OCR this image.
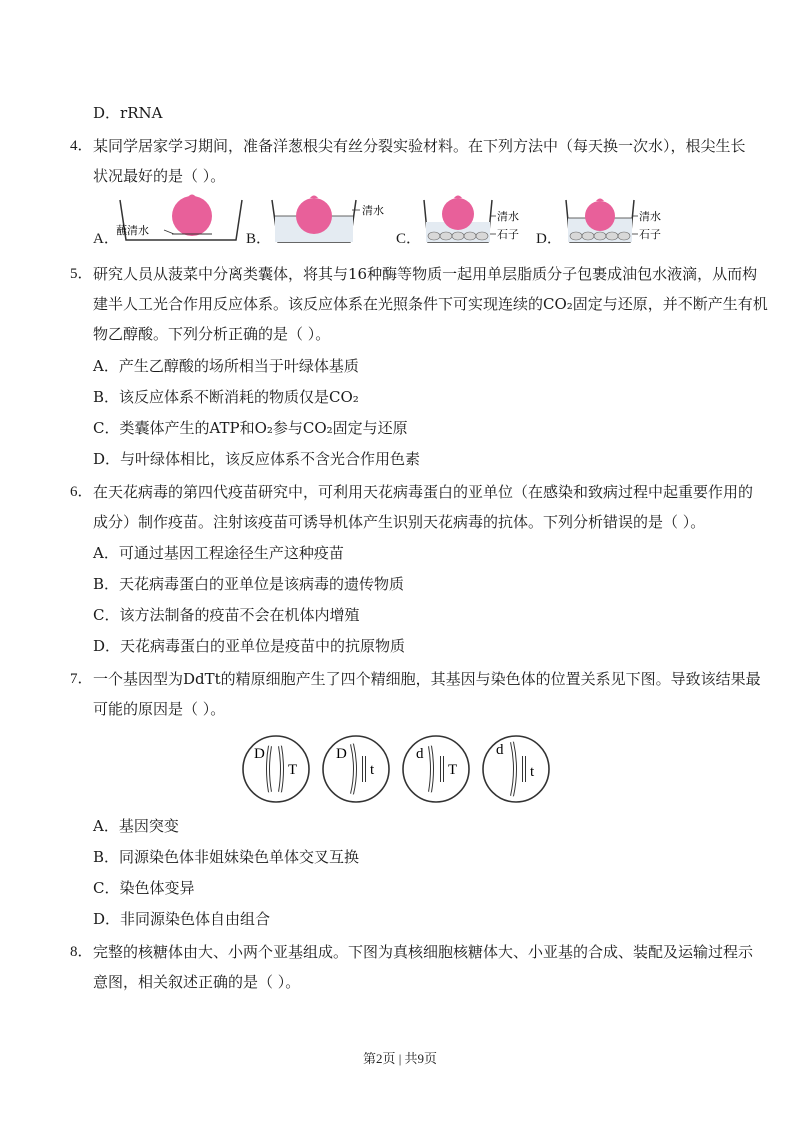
D．rRNA
4． 某同学居家学习期间，准备洋葱根尖有丝分裂实验材料。在下列方法中（每天换一次水），根尖生长
状况最好的是（ ）。
A．
蘸清水
B．
清水
C．
清水
石子 D．
清水
石子
5． 研究人员从菠菜中分离类囊体，将其与16种酶等物质一起用单层脂质分子包裹成油包水液滴，从而构
建半人工光合作用反应体系。该反应体系在光照条件下可实现连续的CO₂固定与还原，并不断产生有机
物乙醇酸。下列分析正确的是（ ）。
A．产生乙醇酸的场所相当于叶绿体基质
B．该反应体系不断消耗的物质仅是CO₂
C．类囊体产生的ATP和O₂参与CO₂固定与还原
D．与叶绿体相比，该反应体系不含光合作用色素
6． 在天花病毒的第四代疫苗研究中，可利用天花病毒蛋白的亚单位（在感染和致病过程中起重要作用的
成分）制作疫苗。注射该疫苗可诱导机体产生识别天花病毒的抗体。下列分析错误的是（ ）。
A．可通过基因工程途径生产这种疫苗
B．天花病毒蛋白的亚单位是该病毒的遗传物质
C．该方法制备的疫苗不会在机体内增殖
D．天花病毒蛋白的亚单位是疫苗中的抗原物质
7． 一个基因型为DdTt的精原细胞产生了四个精细胞，其基因与染色体的位置关系见下图。导致该结果最
可能的原因是（ ）。
D
T
D
t
d
T
d
t
A．基因突变
B．同源染色体非姐妹染色单体交叉互换
C．染色体变异
D．非同源染色体自由组合
8． 完整的核糖体由大、小两个亚基组成。下图为真核细胞核糖体大、小亚基的合成、装配及运输过程示
意图，相关叙述正确的是（ ）。
第2页 | 共9页
